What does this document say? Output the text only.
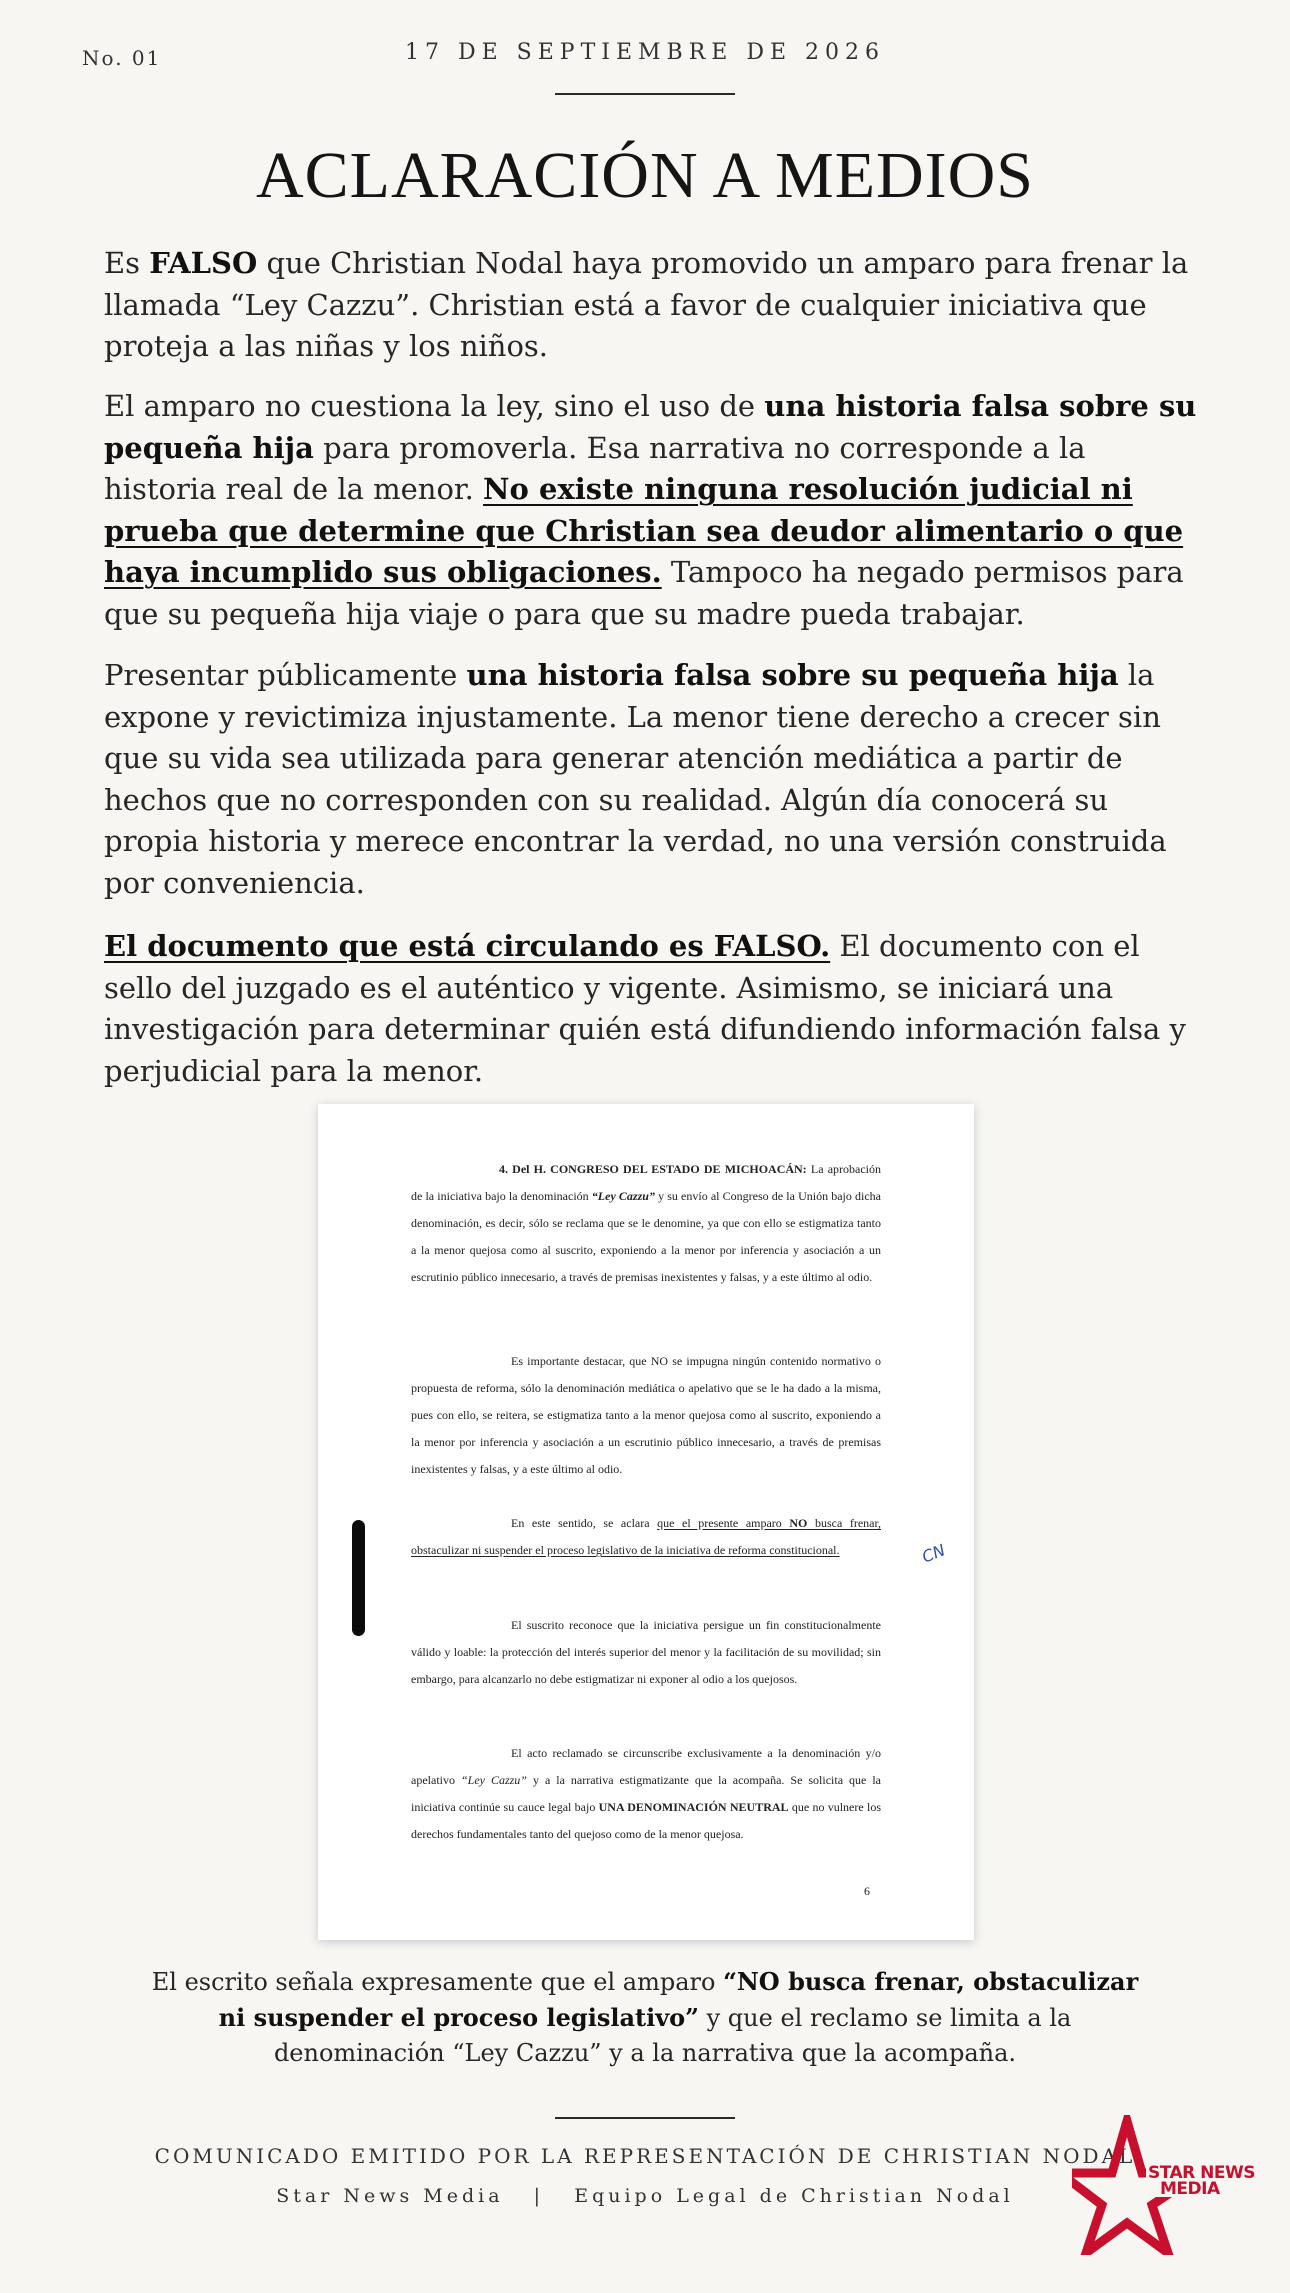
No. 01	17 DE SEPTIEMBRE DE 2026
ACLARACIÓN A MEDIOS
Es FALSO que Christian Nodal haya promovido un amparo para frenar la llamada “Ley Cazzu”. Christian está a favor de cualquier iniciativa que proteja a las niñas y los niños.
El amparo no cuestiona la ley, sino el uso de una historia falsa sobre su pequeña hija para promoverla. Esa narrativa no corresponde a la historia real de la menor. No existe ninguna resolución judicial ni prueba que determine que Christian sea deudor alimentario o que haya incumplido sus obligaciones. Tampoco ha negado permisos para que su pequeña hija viaje o para que su madre pueda trabajar.
Presentar públicamente una historia falsa sobre su pequeña hija la expone y revictimiza injustamente. La menor tiene derecho a crecer sin que su vida sea utilizada para generar atención mediática a partir de hechos que no corresponden con su realidad. Algún día conocerá su propia historia y merece encontrar la verdad, no una versión construida por conveniencia.
El documento que está circulando es FALSO. El documento con el sello del juzgado es el auténtico y vigente. Asimismo, se iniciará una investigación para determinar quién está difundiendo información falsa y perjudicial para la menor.
4. Del H. CONGRESO DEL ESTADO DE MICHOACÁN: La aprobación de la iniciativa bajo la denominación “Ley Cazzu” y su envío al Congreso de la Unión bajo dicha denominación, es decir, sólo se reclama que se le denomine, ya que con ello se estigmatiza tanto a la menor quejosa como al suscrito, exponiendo a la menor por inferencia y asociación a un escrutinio público innecesario, a través de premisas inexistentes y falsas, y a este último al odio.
Es importante destacar, que NO se impugna ningún contenido normativo o propuesta de reforma, sólo la denominación mediática o apelativo que se le ha dado a la misma, pues con ello, se reitera, se estigmatiza tanto a la menor quejosa como al suscrito, exponiendo a la menor por inferencia y asociación a un escrutinio público innecesario, a través de premisas inexistentes y falsas, y a este último al odio.
En este sentido, se aclara que el presente amparo NO busca frenar, obstaculizar ni suspender el proceso legislativo de la iniciativa de reforma constitucional.
El suscrito reconoce que la iniciativa persigue un fin constitucionalmente válido y loable: la protección del interés superior del menor y la facilitación de su movilidad; sin embargo, para alcanzarlo no debe estigmatizar ni exponer al odio a los quejosos.
El acto reclamado se circunscribe exclusivamente a la denominación y/o apelativo “Ley Cazzu” y a la narrativa estigmatizante que la acompaña. Se solicita que la iniciativa continúe su cauce legal bajo UNA DENOMINACIÓN NEUTRAL que no vulnere los derechos fundamentales tanto del quejoso como de la menor quejosa.
6
CN
El escrito señala expresamente que el amparo “NO busca frenar, obstaculizar ni suspender el proceso legislativo” y que el reclamo se limita a la denominación “Ley Cazzu” y a la narrativa que la acompaña.
COMUNICADO EMITIDO POR LA REPRESENTACIÓN DE CHRISTIAN NODAL
Star News Media | Equipo Legal de Christian Nodal
STAR NEWS
MEDIA
